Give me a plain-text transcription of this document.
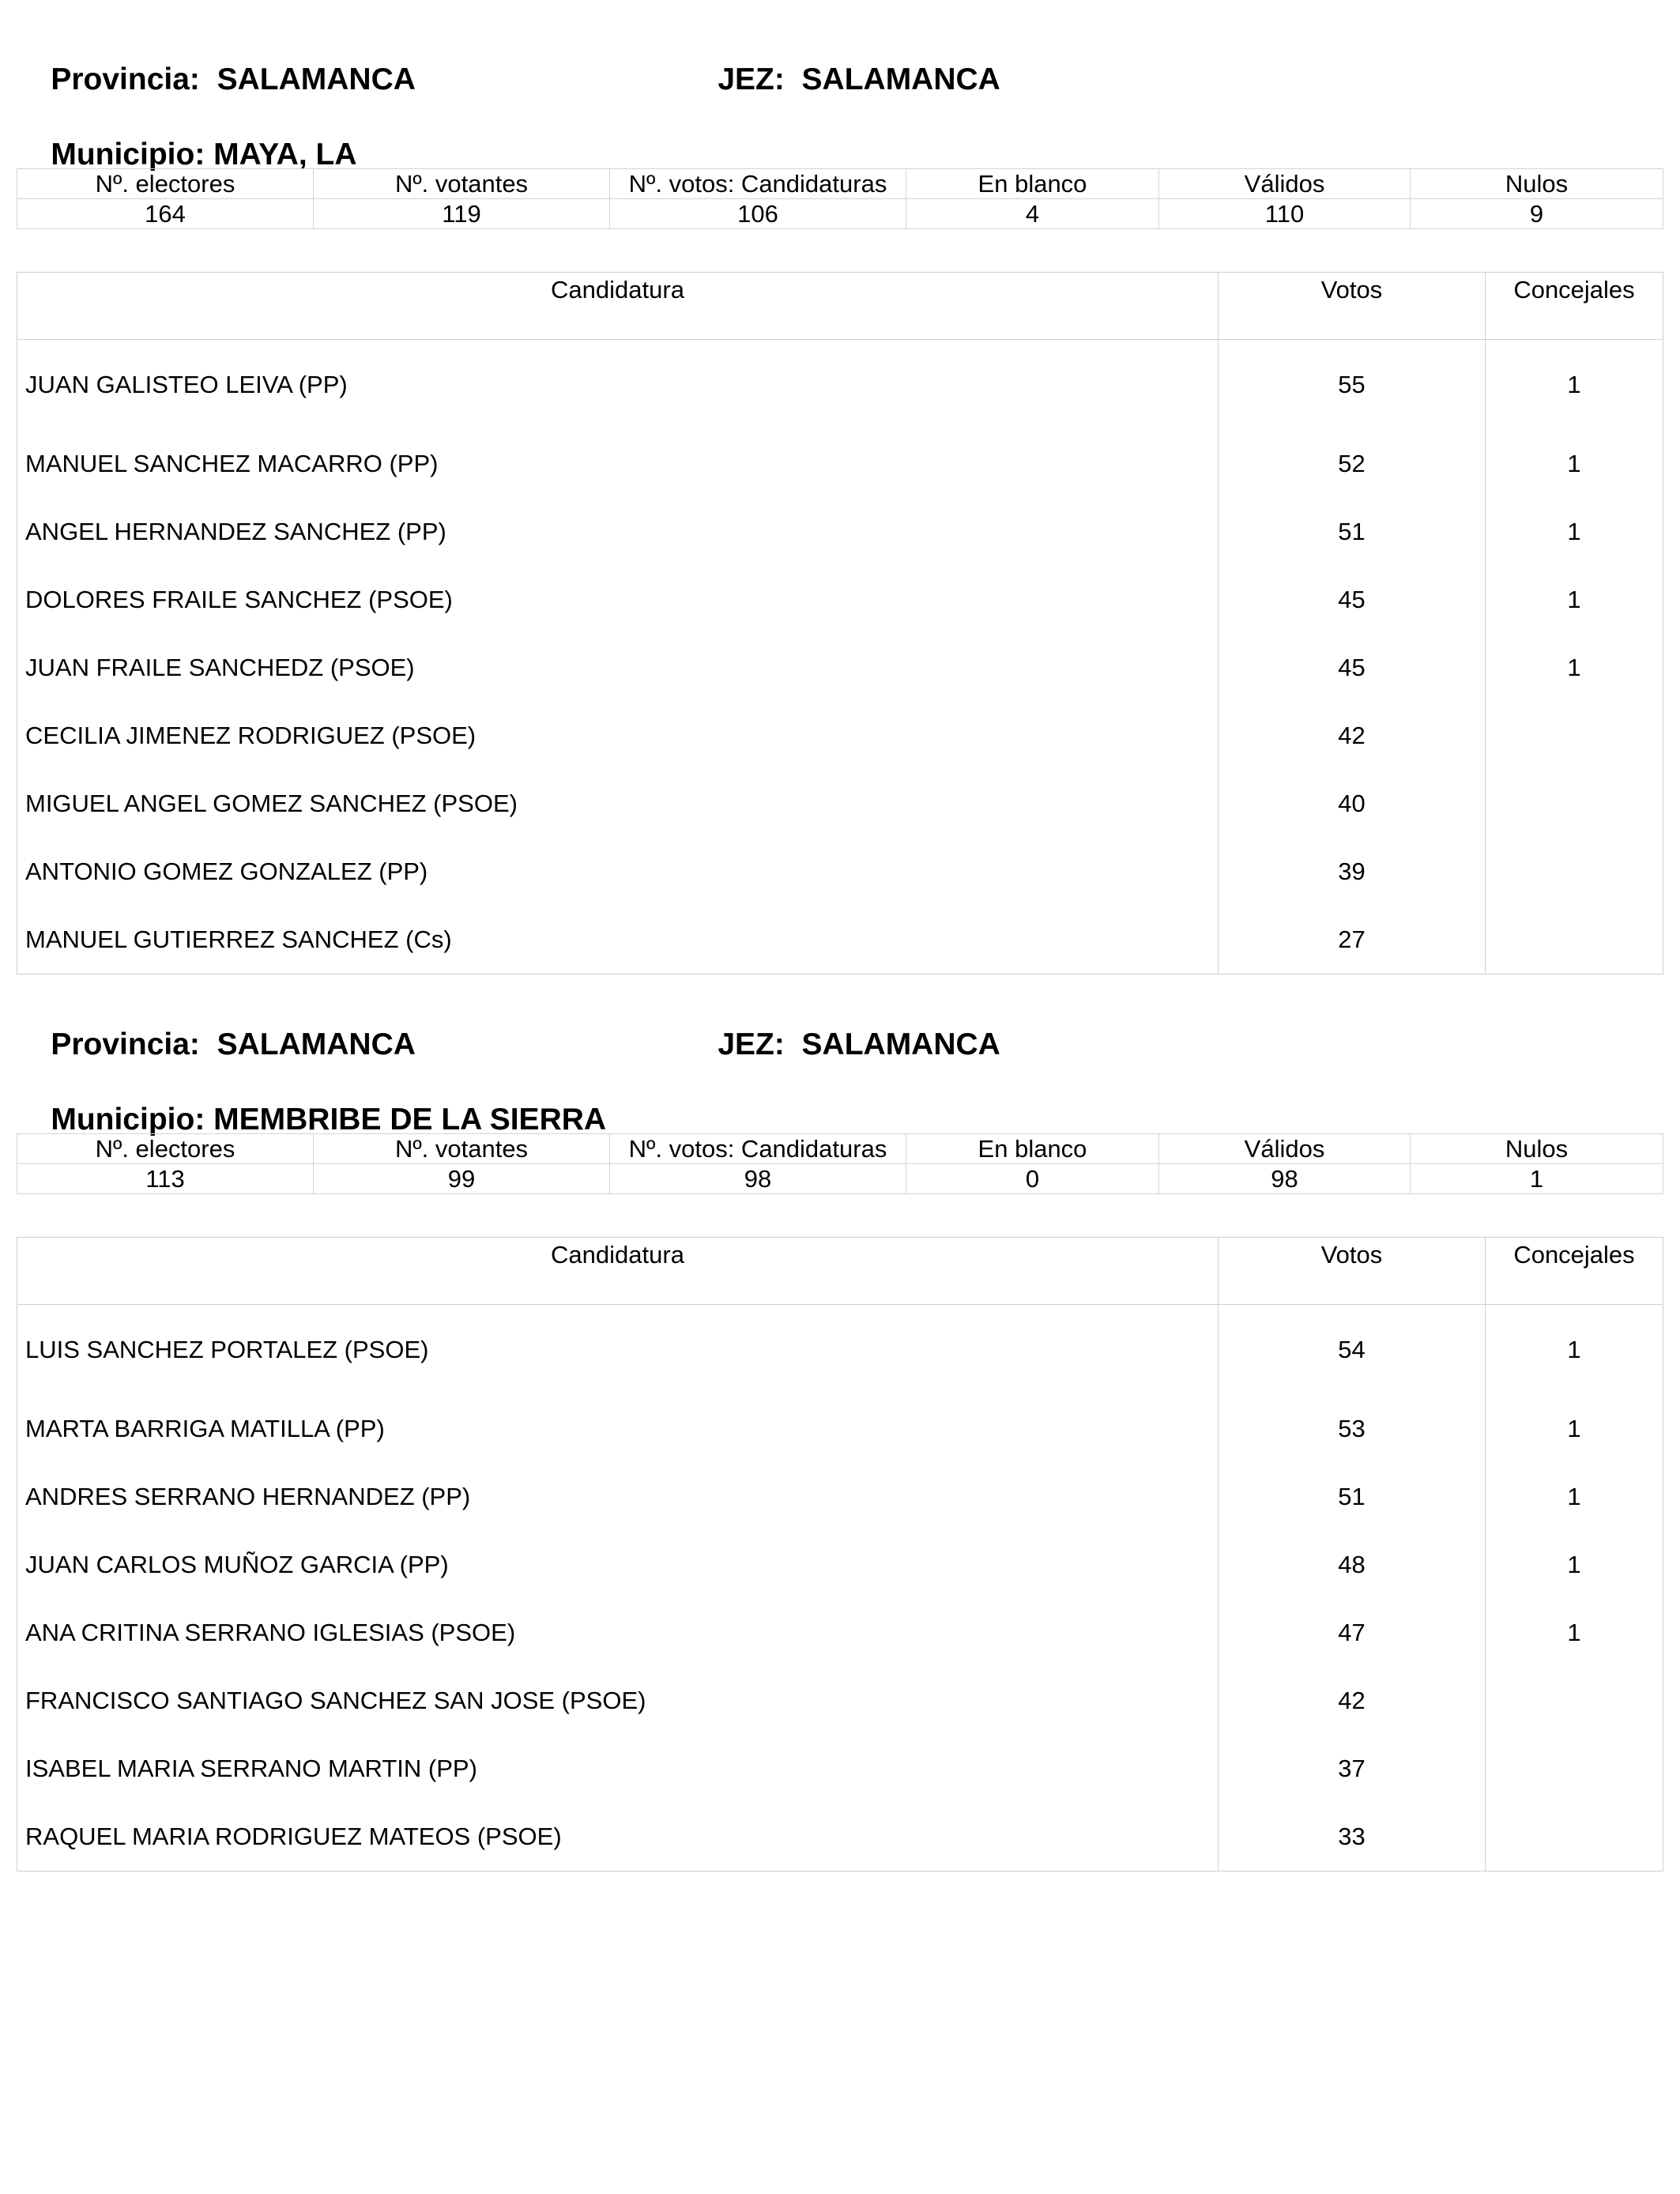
Provincia: SALAMANCA
	JEZ: SALAMANCA

Municipio: MAYA, LA

Nº. electores	Nº. votantes	Nº. votos: Candidaturas	En blanco	Válidos	Nulos
164	119	106	4	110	9
Candidatura	Votos	Concejales
JUAN GALISTEO LEIVA (PP)	55	1
MANUEL SANCHEZ MACARRO (PP)	52	1
ANGEL HERNANDEZ SANCHEZ (PP)	51	1
DOLORES FRAILE SANCHEZ (PSOE)	45	1
JUAN FRAILE SANCHEDZ (PSOE)	45	1
CECILIA JIMENEZ RODRIGUEZ (PSOE)	42	
MIGUEL ANGEL GOMEZ SANCHEZ (PSOE)	40	
ANTONIO GOMEZ GONZALEZ (PP)	39	
MANUEL GUTIERREZ SANCHEZ (Cs)	27	

Provincia: SALAMANCA
	JEZ: SALAMANCA

Municipio: MEMBRIBE DE LA SIERRA

Nº. electores	Nº. votantes	Nº. votos: Candidaturas	En blanco	Válidos	Nulos
113	99	98	0	98	1
Candidatura	Votos	Concejales
LUIS SANCHEZ PORTALEZ (PSOE)	54	1
MARTA BARRIGA MATILLA (PP)	53	1
ANDRES SERRANO HERNANDEZ (PP)	51	1
JUAN CARLOS MUÑOZ GARCIA (PP)	48	1
ANA CRITINA SERRANO IGLESIAS (PSOE)	47	1
FRANCISCO SANTIAGO SANCHEZ SAN JOSE (PSOE)	42	
ISABEL MARIA SERRANO MARTIN (PP)	37	
RAQUEL MARIA RODRIGUEZ MATEOS (PSOE)	33	
